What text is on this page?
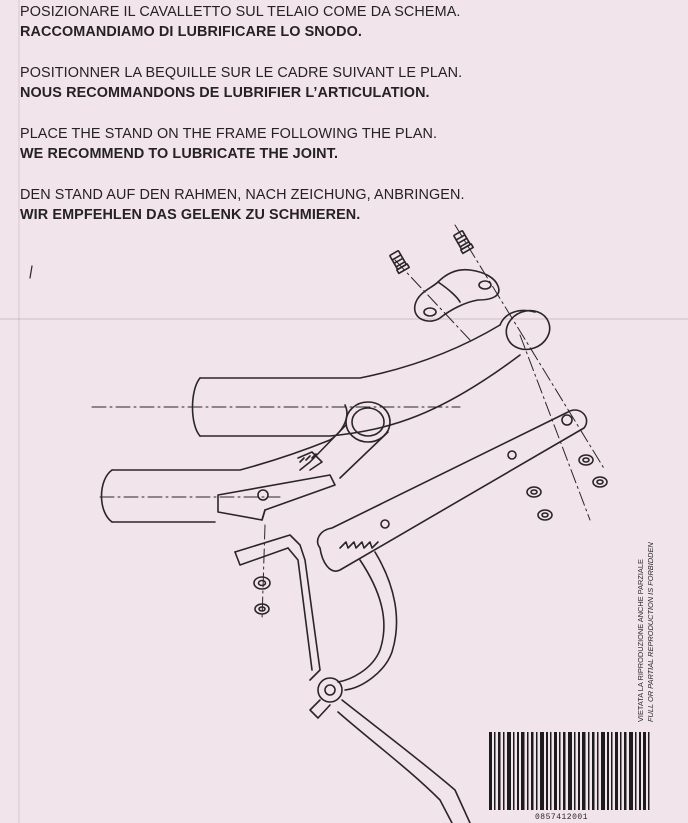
POSIZIONARE IL CAVALLETTO SUL TELAIO COME DA SCHEMA.
RACCOMANDIAMO DI LUBRIFICARE LO SNODO.
POSITIONNER LA BEQUILLE SUR LE CADRE SUIVANT LE PLAN.
NOUS RECOMMANDONS DE LUBRIFIER L’ARTICULATION.
PLACE THE STAND ON THE FRAME FOLLOWING THE PLAN.
WE RECOMMEND TO LUBRICATE THE JOINT.
DEN STAND AUF DEN RAHMEN, NACH ZEICHUNG, ANBRINGEN.
WIR EMPFEHLEN DAS GELENK ZU SCHMIEREN.
VIETATA LA RIPRODUZIONE ANCHE PARZIALE FULL OR PARTIAL REPRODUCTION IS FORBIDDEN
0857412001
